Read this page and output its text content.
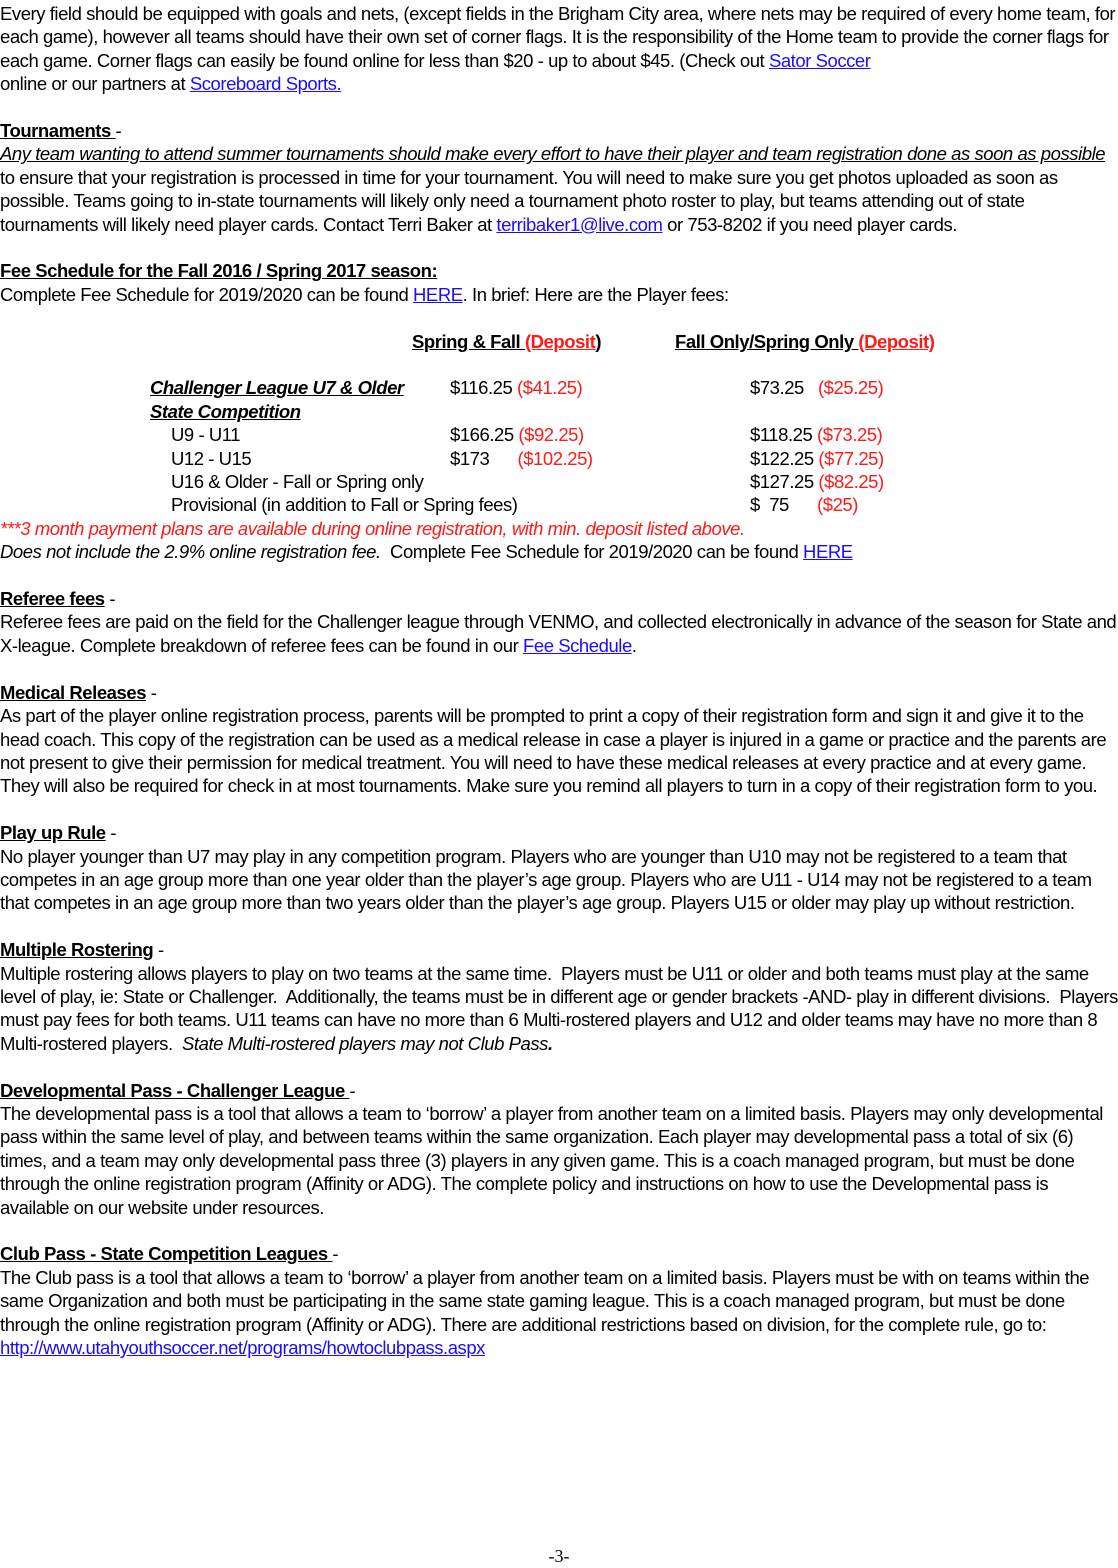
Every field should be equipped with goals and nets, (except fields in the Brigham City area, where nets may be required of every home team, for each game), however all teams should have their own set of corner flags. It is the responsibility of the Home team to provide the corner flags for each game. Corner flags can easily be found online for less than $20 - up to about $45. (Check out Sator Soccer
online or our partners at Scoreboard Sports.

Tournaments -

Any team wanting to attend summer tournaments should make every effort to have their player and team registration done as soon as possible to ensure that your registration is processed in time for your tournament. You will need to make sure you get photos uploaded as soon as possible. Teams going to in-state tournaments will likely only need a tournament photo roster to play, but teams attending out of state tournaments will likely need player cards. Contact Terri Baker at terribaker1@live.com or 753-8202 if you need player cards.

Fee Schedule for the Fall 2016 / Spring 2017 season:

Complete Fee Schedule for 2019/2020 can be found HERE. In brief: Here are the Player fees:

Spring & Fall (Deposit)	Fall Only/Spring Only (Deposit)
Challenger League U7 & Older	$116.25 ($41.25)	$73.25   ($25.25)
State Competition		
U9 - U11	$166.25 ($92.25)	$118.25 ($73.25)
U12 - U15	$173      ($102.25)	$122.25 ($77.25)
U16 & Older - Fall or Spring only		$127.25 ($82.25)
Provisional (in addition to Fall or Spring fees)		$  75      ($25)

***3 month payment plans are available during online registration, with min. deposit listed above.

Does not include the 2.9% online registration fee.  Complete Fee Schedule for 2019/2020 can be found HERE

Referee fees -

Referee fees are paid on the field for the Challenger league through VENMO, and collected electronically in advance of the season for State and X-league. Complete breakdown of referee fees can be found in our Fee Schedule.

Medical Releases -

As part of the player online registration process, parents will be prompted to print a copy of their registration form and sign it and give it to the head coach. This copy of the registration can be used as a medical release in case a player is injured in a game or practice and the parents are not present to give their permission for medical treatment. You will need to have these medical releases at every practice and at every game. They will also be required for check in at most tournaments. Make sure you remind all players to turn in a copy of their registration form to you.

Play up Rule -

No player younger than U7 may play in any competition program. Players who are younger than U10 may not be registered to a team that competes in an age group more than one year older than the player’s age group. Players who are U11 - U14 may not be registered to a team that competes in an age group more than two years older than the player’s age group. Players U15 or older may play up without restriction.

Multiple Rostering -

Multiple rostering allows players to play on two teams at the same time.  Players must be U11 or older and both teams must play at the same level of play, ie: State or Challenger.  Additionally, the teams must be in different age or gender brackets -AND- play in different divisions.  Players must pay fees for both teams. U11 teams can have no more than 6 Multi-rostered players and U12 and older teams may have no more than 8 Multi-rostered players.  State Multi-rostered players may not Club Pass.

Developmental Pass - Challenger League -

The developmental pass is a tool that allows a team to ‘borrow’ a player from another team on a limited basis. Players may only developmental pass within the same level of play, and between teams within the same organization. Each player may developmental pass a total of six (6) times, and a team may only developmental pass three (3) players in any given game. This is a coach managed program, but must be done through the online registration program (Affinity or ADG). The complete policy and instructions on how to use the Developmental pass is available on our website under resources.

Club Pass - State Competition Leagues -

The Club pass is a tool that allows a team to ‘borrow’ a player from another team on a limited basis. Players must be with on teams within the same Organization and both must be participating in the same state gaming league. This is a coach managed program, but must be done through the online registration program (Affinity or ADG). There are additional restrictions based on division, for the complete rule, go to: http://www.utahyouthsoccer.net/programs/howtoclubpass.aspx

-3-
